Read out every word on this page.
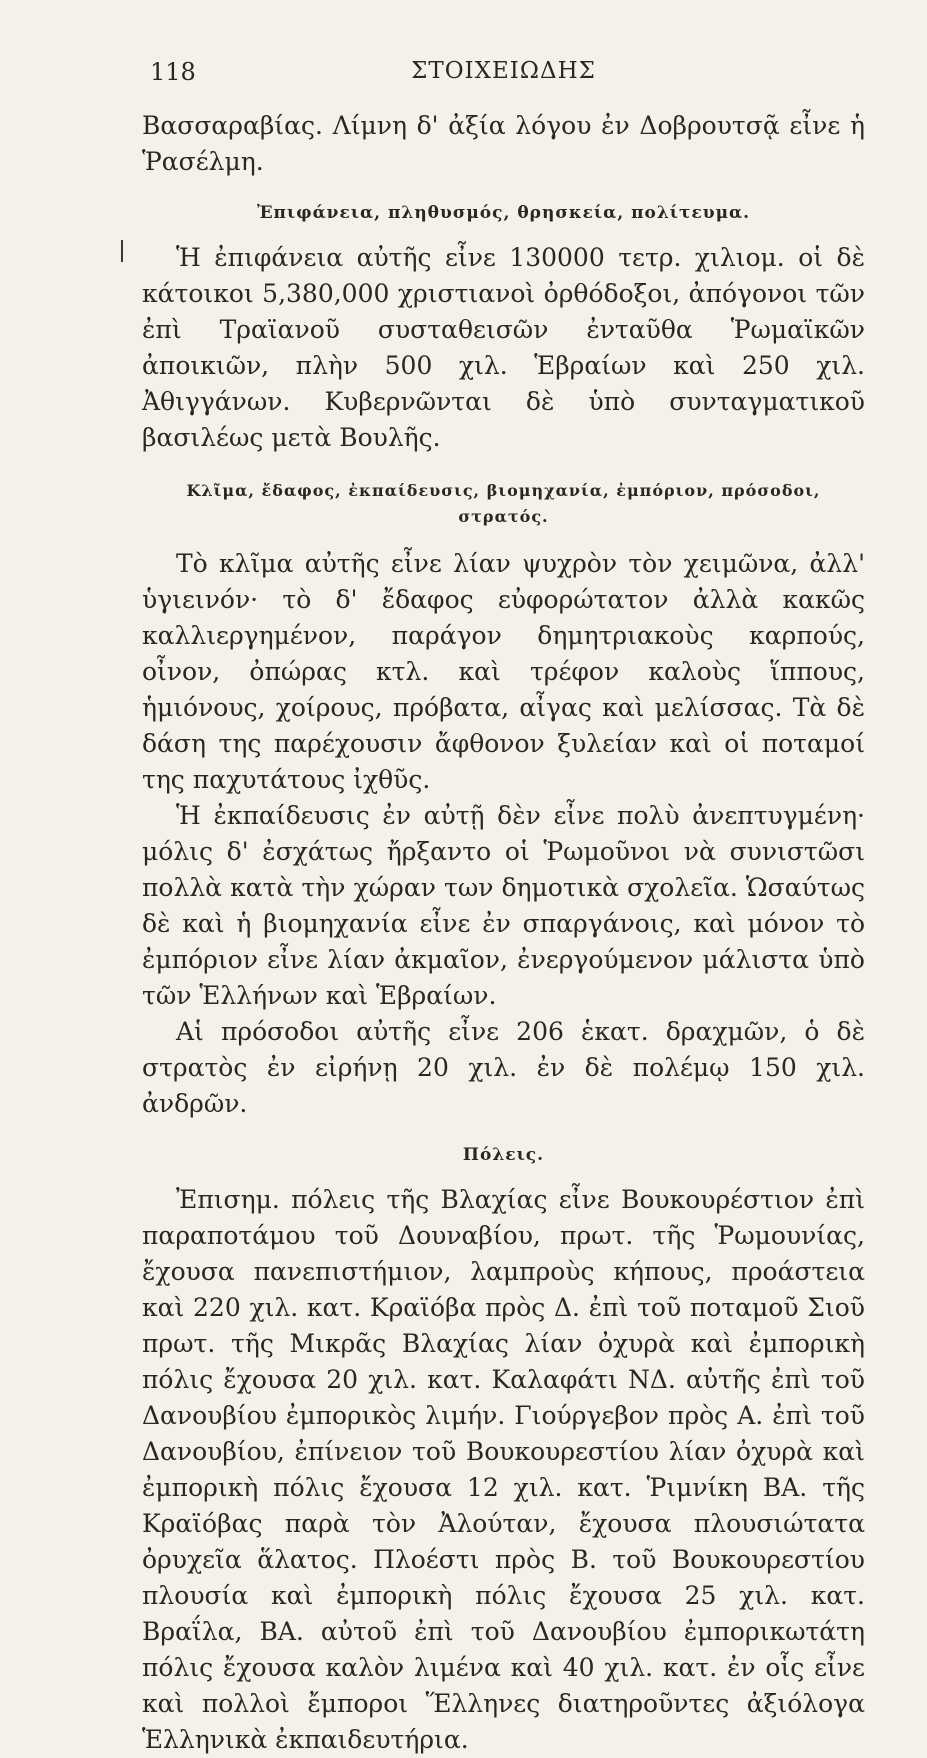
118	ΣΤΟΙΧΕΙΩΔΗΣ

Βασσαραβίας. Λίμνη δ' ἀξία λόγου ἐν Δοβρουτσᾷ εἶνε ἡ Ῥασέλμη.

Ἐπιφάνεια, πληθυσμός, θρησκεία, πολίτευμα.

Ἡ ἐπιφάνεια αὐτῆς εἶνε 130000 τετρ. χιλιομ. οἱ δὲ κάτοικοι 5,380,000 χριστιανοὶ ὀρθόδοξοι, ἀπόγονοι τῶν ἐπὶ Τραϊανοῦ συσταθεισῶν ἐνταῦθα Ῥωμαϊκῶν ἀποικιῶν, πλὴν 500 χιλ. Ἑβραίων καὶ 250 χιλ. Ἀθιγγάνων. Κυβερνῶνται δὲ ὑπὸ συνταγματικοῦ βασιλέως μετὰ Βουλῆς.

Κλῖμα, ἔδαφος, ἐκπαίδευσις, βιομηχανία, ἐμπόριον, πρόσοδοι, στρατός.

Τὸ κλῖμα αὐτῆς εἶνε λίαν ψυχρὸν τὸν χειμῶνα, ἀλλ' ὑγιεινόν· τὸ δ' ἔδαφος εὐφορώτατον ἀλλὰ κακῶς καλλιεργημένον, παράγον δημητριακοὺς καρπούς, οἶνον, ὀπώρας κτλ. καὶ τρέφον καλοὺς ἵππους, ἡμιόνους, χοίρους, πρόβατα, αἶγας καὶ μελίσσας. Τὰ δὲ δάση της παρέχουσιν ἄφθονον ξυλείαν καὶ οἱ ποταμοί της παχυτάτους ἰχθῦς.

Ἡ ἐκπαίδευσις ἐν αὐτῇ δὲν εἶνε πολὺ ἀνεπτυγμένη· μόλις δ' ἐσχάτως ἤρξαντο οἱ Ῥωμοῦνοι νὰ συνιστῶσι πολλὰ κατὰ τὴν χώραν των δημοτικὰ σχολεῖα. Ὡσαύτως δὲ καὶ ἡ βιομηχανία εἶνε ἐν σπαργάνοις, καὶ μόνον τὸ ἐμπόριον εἶνε λίαν ἀκμαῖον, ἐνεργούμενον μάλιστα ὑπὸ τῶν Ἑλλήνων καὶ Ἑβραίων.

Αἱ πρόσοδοι αὐτῆς εἶνε 206 ἑκατ. δραχμῶν, ὁ δὲ στρατὸς ἐν εἰρήνῃ 20 χιλ. ἐν δὲ πολέμῳ 150 χιλ. ἀνδρῶν.

Πόλεις.

Ἐπισημ. πόλεις τῆς Βλαχίας εἶνε Βουκουρέστιον ἐπὶ παραποτάμου τοῦ Δουναβίου, πρωτ. τῆς Ῥωμουνίας, ἔχουσα πανεπιστήμιον, λαμπροὺς κήπους, προάστεια καὶ 220 χιλ. κατ. Κραϊόβα πρὸς Δ. ἐπὶ τοῦ ποταμοῦ Σιοῦ πρωτ. τῆς Μικρᾶς Βλαχίας λίαν ὀχυρὰ καὶ ἐμπορικὴ πόλις ἔχουσα 20 χιλ. κατ. Καλαφάτι ΝΔ. αὐτῆς ἐπὶ τοῦ Δανουβίου ἐμπορικὸς λιμήν. Γιούργεβον πρὸς Α. ἐπὶ τοῦ Δανουβίου, ἐπίνειον τοῦ Βουκουρεστίου λίαν ὀχυρὰ καὶ ἐμπορικὴ πόλις ἔχουσα 12 χιλ. κατ. Ῥιμνίκη ΒΑ. τῆς Κραϊόβας παρὰ τὸν Ἀλούταν, ἔχουσα πλουσιώτατα ὀρυχεῖα ἅλατος. Πλοέστι πρὸς Β. τοῦ Βουκουρεστίου πλουσία καὶ ἐμπορικὴ πόλις ἔχουσα 25 χιλ. κατ. Βραΐλα, ΒΑ. αὐτοῦ ἐπὶ τοῦ Δανουβίου ἐμπορικωτάτη πόλις ἔχουσα καλὸν λιμένα καὶ 40 χιλ. κατ. ἐν οἷς εἶνε καὶ πολλοὶ ἔμποροι Ἕλληνες διατηροῦντες ἀξιόλογα Ἑλληνικὰ ἐκπαιδευτήρια.
